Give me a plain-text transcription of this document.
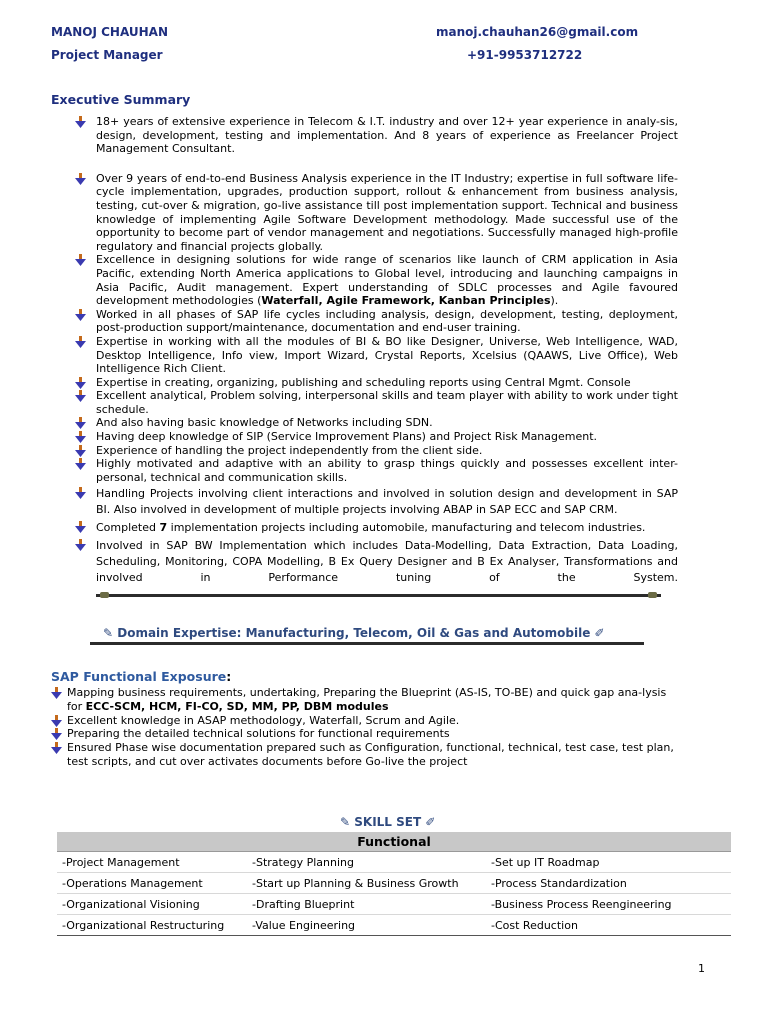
MANOJ CHAUHAN
Project Manager
manoj.chauhan26@gmail.com
+91-9953712722
Executive Summary
18+ years of extensive experience in Telecom & I.T. industry and over 12+ year experience in analy-sis, design, development, testing and implementation. And 8 years of experience as Freelancer Project Management Consultant.
Over 9 years of end-to-end Business Analysis experience in the IT Industry; expertise in full software life-cycle implementation, upgrades, production support, rollout & enhancement from business analysis, testing, cut-over & migration, go-live assistance till post implementation support. Technical and business knowledge of implementing Agile Software Development methodology. Made successful use of the opportunity to become part of vendor management and negotiations. Successfully managed high-profile regulatory and financial projects globally.
Excellence in designing solutions for wide range of scenarios like launch of CRM application in Asia Pacific, extending North America applications to Global level, introducing and launching campaigns in Asia Pacific, Audit management. Expert understanding of SDLC processes and Agile favoured development methodologies (Waterfall, Agile Framework, Kanban Principles).
Worked in all phases of SAP life cycles including analysis, design, development, testing, deployment, post-production support/maintenance, documentation and end-user training.
Expertise in working with all the modules of BI & BO like Designer, Universe, Web Intelligence, WAD, Desktop Intelligence, Info view, Import Wizard, Crystal Reports, Xcelsius (QAAWS, Live Office), Web Intelligence Rich Client.
Expertise in creating, organizing, publishing and scheduling reports using Central Mgmt. Console
Excellent analytical, Problem solving, interpersonal skills and team player with ability to work under tight schedule.
And also having basic knowledge of Networks including SDN.
Having deep knowledge of SIP (Service Improvement Plans) and Project Risk Management.
Experience of handling the project independently from the client side.
Highly motivated and adaptive with an ability to grasp things quickly and possesses excellent inter-personal, technical and communication skills.
Handling Projects involving client interactions and involved in solution design and development in SAP BI. Also involved in development of multiple projects involving ABAP in SAP ECC and SAP CRM.
Completed 7 implementation projects including automobile, manufacturing and telecom industries.
Involved in SAP BW Implementation which includes Data-Modelling, Data Extraction, Data Loading, Scheduling, Monitoring, COPA Modelling, B Ex Query Designer and B Ex Analyser, Transformations and involved in Performance tuning of the System.
✎ Domain Expertise: Manufacturing, Telecom, Oil & Gas and Automobile ✐
SAP Functional Exposure:
Mapping business requirements, undertaking, Preparing the Blueprint (AS-IS, TO-BE) and quick gap ana-lysis for ECC-SCM, HCM, FI-CO, SD, MM, PP, DBM modules
Excellent knowledge in ASAP methodology, Waterfall, Scrum and Agile.
Preparing the detailed technical solutions for functional requirements
Ensured Phase wise documentation prepared such as Configuration, functional, technical, test case, test plan, test scripts, and cut over activates documents before Go-live the project
✎ SKILL SET ✐
Functional		
-Project Management	-Strategy Planning	-Set up IT Roadmap
-Operations Management	-Start up Planning & Business Growth	-Process Standardization
-Organizational Visioning	-Drafting Blueprint	-Business Process Reengineering
-Organizational Restructuring	-Value Engineering	-Cost Reduction
1
